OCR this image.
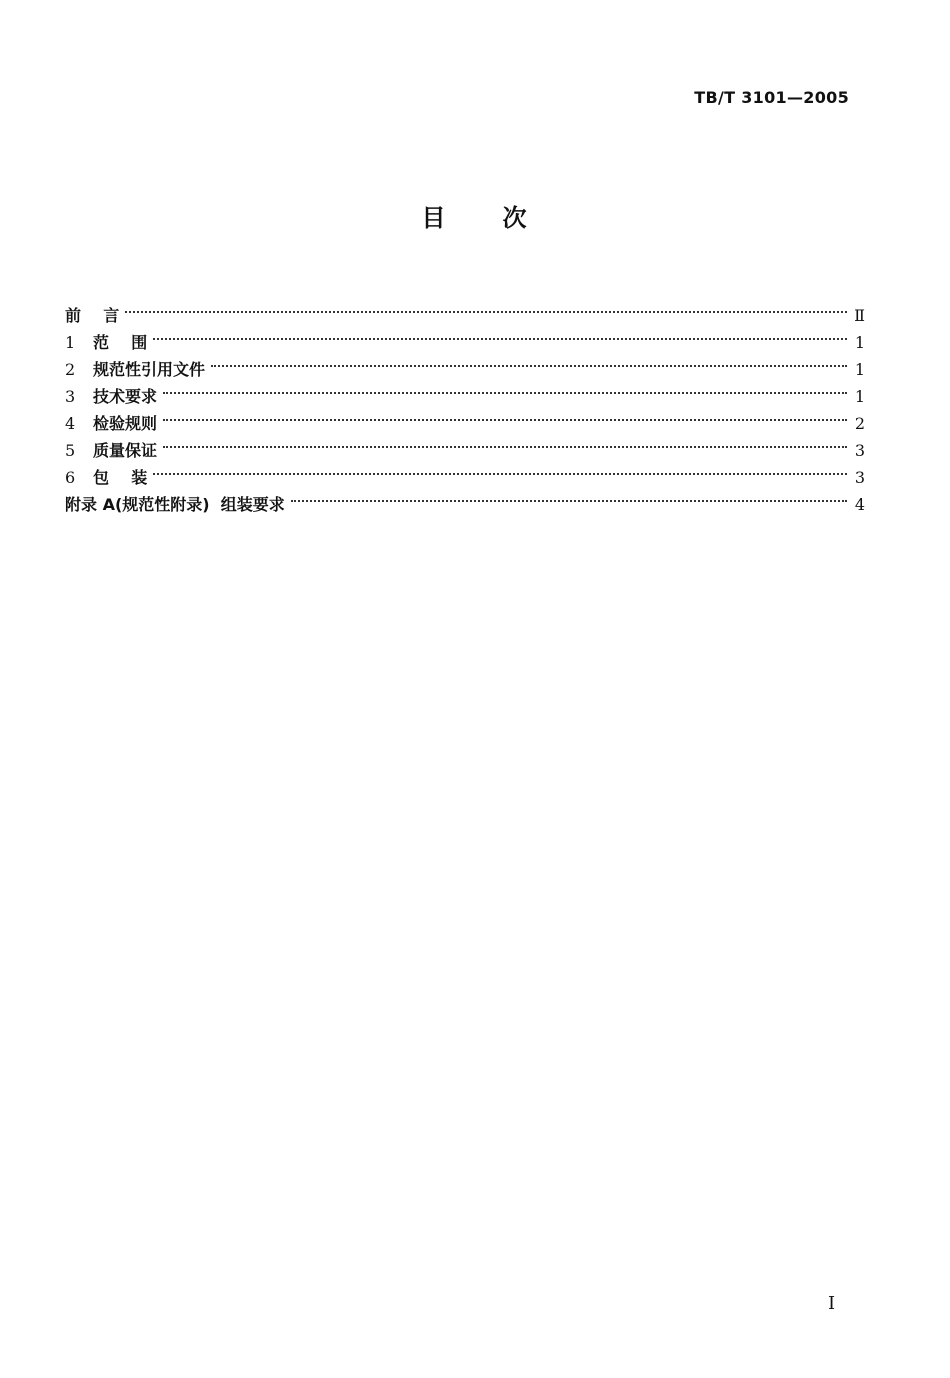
TB/T 3101—2005
目 次
前    言	Ⅱ
1	范    围	1
2	规范性引用文件	1
3	技术要求	1
4	检验规则	2
5	质量保证	3
6	包    装	3
附录 A(规范性附录)  组装要求	4
I
